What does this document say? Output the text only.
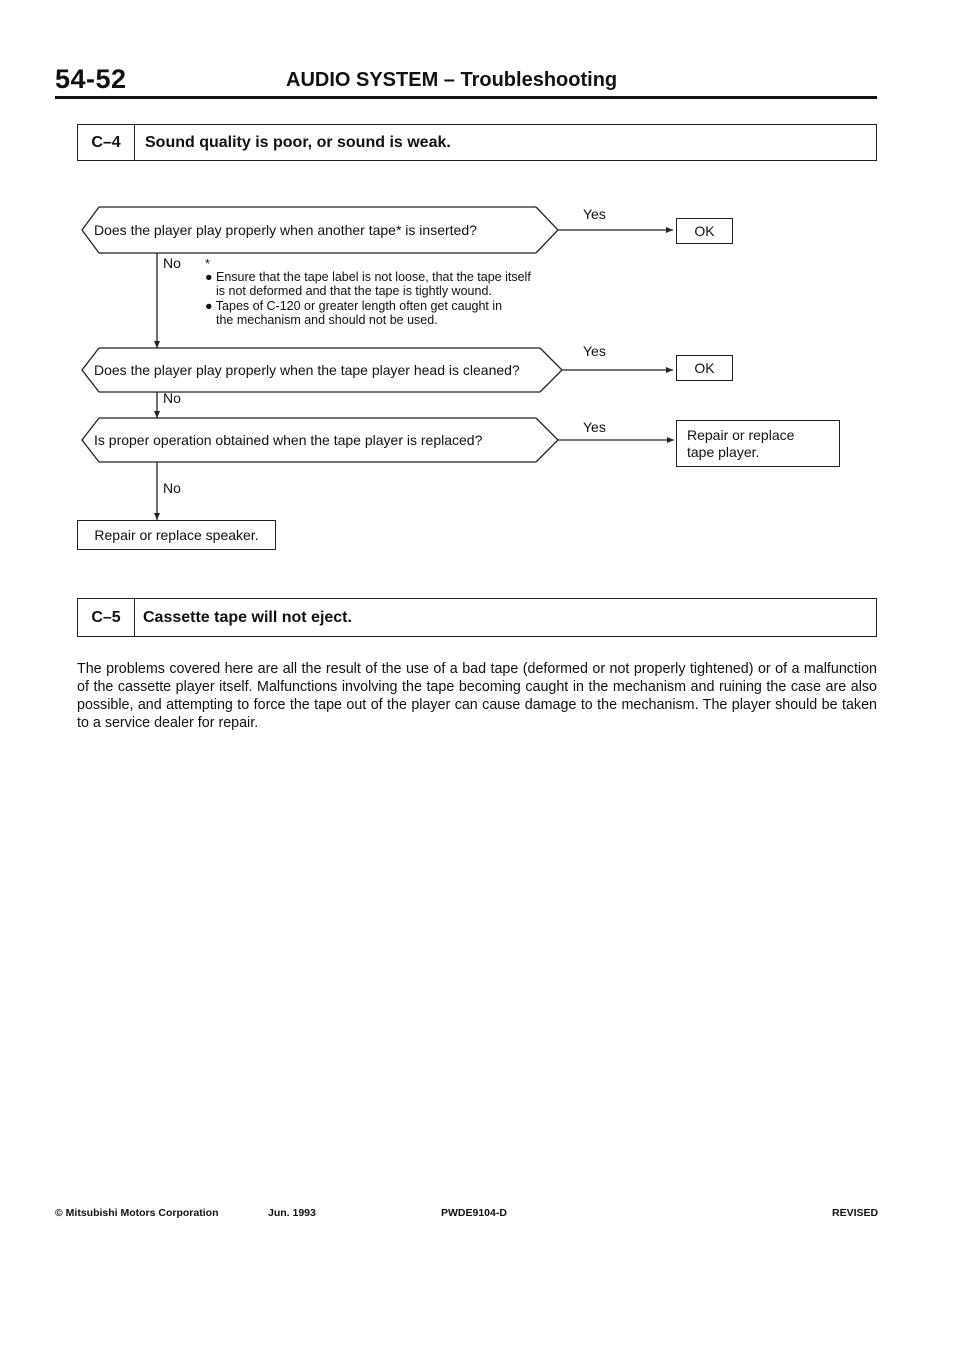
54-52	AUDIO SYSTEM – Troubleshooting
C–4	Sound quality is poor, or sound is weak.
Does the player play properly when another tape* is inserted?
Yes
OK
No *
● Ensure that the tape label is not loose, that the tape itself
is not deformed and that the tape is tightly wound.
● Tapes of C-120 or greater length often get caught in
the mechanism and should not be used.
Does the player play properly when the tape player head is cleaned?
Yes
OK
No
Is proper operation obtained when the tape player is replaced?
Yes	Repair or replace
tape player.
No
Repair or replace speaker.
C–5	Cassette tape will not eject.
The problems covered here are all the result of the use of a bad tape (deformed or not properly tightened) or of a malfunction of the cassette player itself. Malfunctions involving the tape becoming caught in the mechanism and ruining the case are also possible, and attempting to force the tape out of the player can cause damage to the mechanism. The player should be taken to a service dealer for repair.
© Mitsubishi Motors Corporation	Jun. 1993	PWDE9104-D	REVISED
